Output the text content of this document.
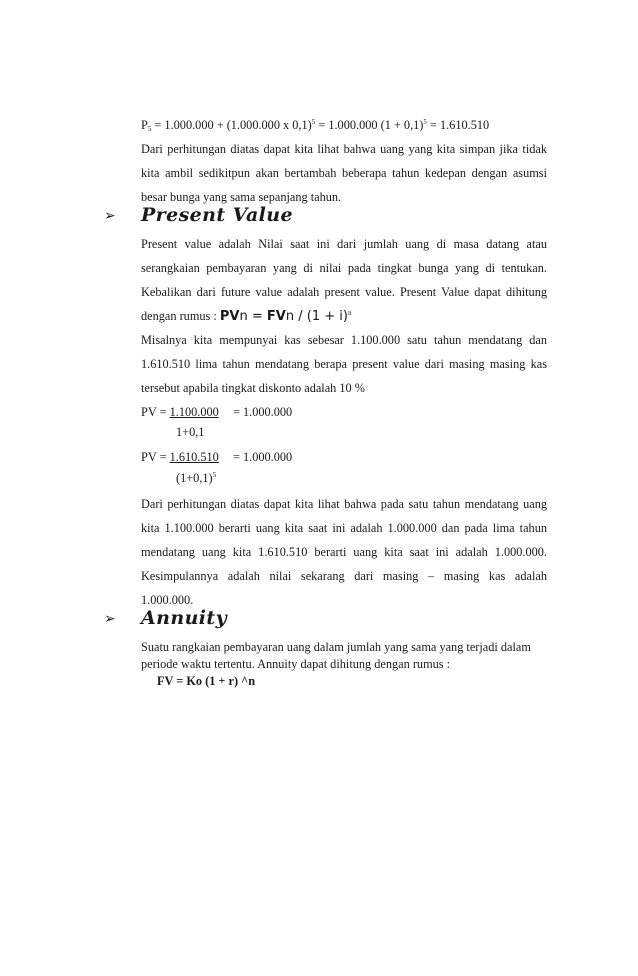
$P_5 = 1.000.000 + (1.000.000$ x 0,1)$^5$ = 1.000.000 $(1 + 0,1)^5 = 1.610.510$
Dari perhitungan diatas dapat kita lihat bahwa uang yang kita simpan jika tidak
kita ambil sedikitpun akan bertambah beberapa tahun kedepan dengan asumsi
besar bunga yang sama sepanjang tahun.
➢ Present Value
Present value adalah Nilai saat ini dari jumlah uang di masa datang atau
serangkaian pembayaran yang di nilai pada tingkat bunga yang di tentukan.
Kebalikan dari future value adalah present value. Present Value dapat dihitung
dengan rumus : PVn = FVn / $(1 + i)^n$
Misalnya kita mempunyai kas sebesar 1.100.000 satu tahun mendatang dan
1.610.510 lima tahun mendatang berapa present value dari masing masing kas
tersebut apabila tingkat diskonto adalah 10 %
PV = 1.100.000 = 1.000.000
1+0,1
PV = 1.610.510 = 1.000.000
$(1+0,1)^5$
Dari perhitungan diatas dapat kita lihat bahwa pada satu tahun mendatang uang
kita 1.100.000 berarti uang kita saat ini adalah 1.000.000 dan pada lima tahun
mendatang uang kita 1.610.510 berarti uang kita saat ini adalah 1.000.000.
Kesimpulannya adalah nilai sekarang dari masing – masing kas adalah
1.000.000.
➢ Annuity
Suatu rangkaian pembayaran uang dalam jumlah yang sama yang terjadi dalam periode waktu tertentu. Annuity dapat dihitung dengan rumus :
FV = Ko (1 + r) ^n
